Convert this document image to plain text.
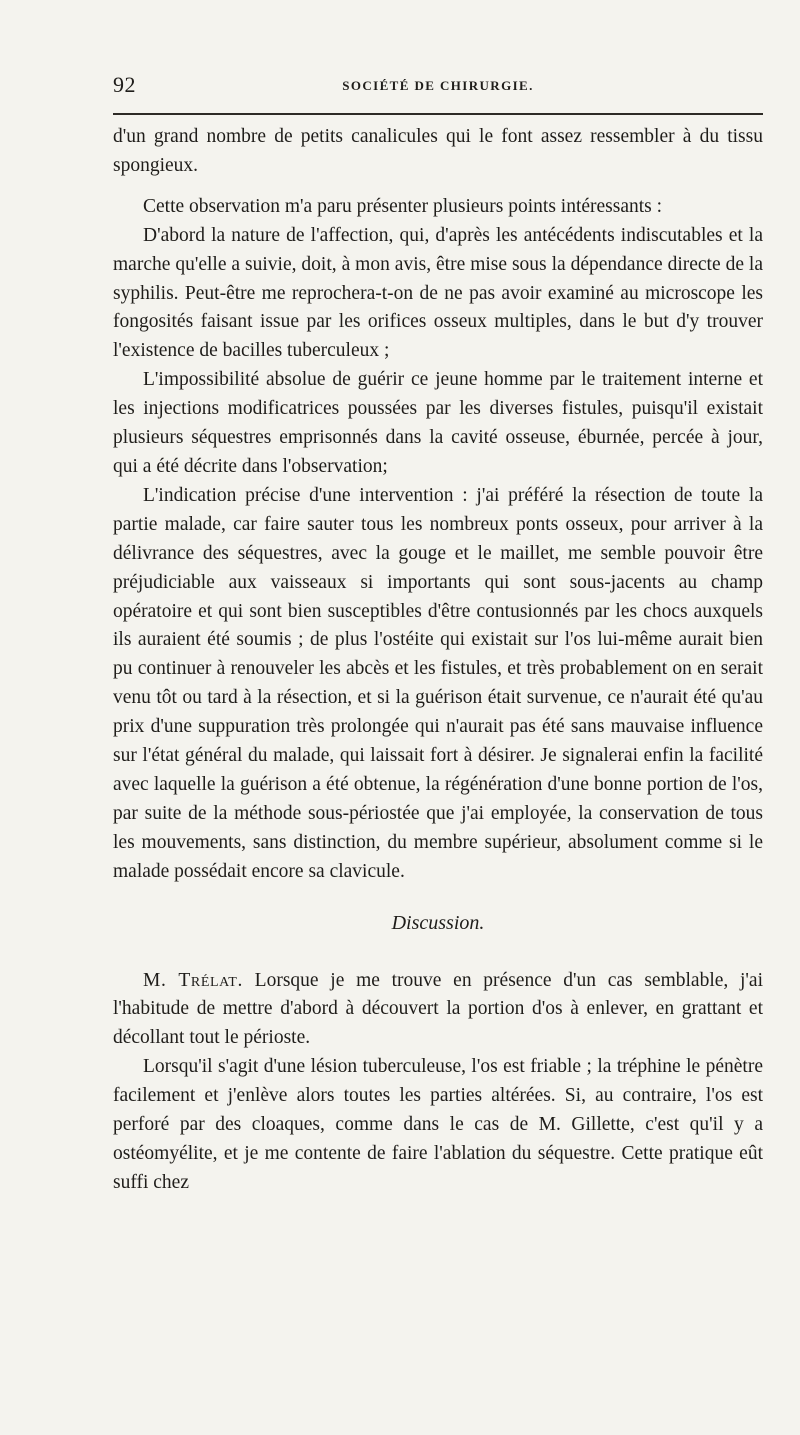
92	SOCIÉTÉ DE CHIRURGIE.

d'un grand nombre de petits canalicules qui le font assez ressembler à du tissu spongieux.

Cette observation m'a paru présenter plusieurs points intéressants :

D'abord la nature de l'affection, qui, d'après les antécédents indiscutables et la marche qu'elle a suivie, doit, à mon avis, être mise sous la dépendance directe de la syphilis. Peut-être me reprochera-t-on de ne pas avoir examiné au microscope les fongosités faisant issue par les orifices osseux multiples, dans le but d'y trouver l'existence de bacilles tuberculeux ;

L'impossibilité absolue de guérir ce jeune homme par le traitement interne et les injections modificatrices poussées par les diverses fistules, puisqu'il existait plusieurs séquestres emprisonnés dans la cavité osseuse, éburnée, percée à jour, qui a été décrite dans l'observation;

L'indication précise d'une intervention : j'ai préféré la résection de toute la partie malade, car faire sauter tous les nombreux ponts osseux, pour arriver à la délivrance des séquestres, avec la gouge et le maillet, me semble pouvoir être préjudiciable aux vaisseaux si importants qui sont sous-jacents au champ opératoire et qui sont bien susceptibles d'être contusionnés par les chocs auxquels ils auraient été soumis ; de plus l'ostéite qui existait sur l'os lui-même aurait bien pu continuer à renouveler les abcès et les fistules, et très probablement on en serait venu tôt ou tard à la résection, et si la guérison était survenue, ce n'aurait été qu'au prix d'une suppuration très prolongée qui n'aurait pas été sans mauvaise influence sur l'état général du malade, qui laissait fort à désirer. Je signalerai enfin la facilité avec laquelle la guérison a été obtenue, la régénération d'une bonne portion de l'os, par suite de la méthode sous-périostée que j'ai employée, la conservation de tous les mouvements, sans distinction, du membre supérieur, absolument comme si le malade possédait encore sa clavicule.

Discussion.

M. Trélat. Lorsque je me trouve en présence d'un cas semblable, j'ai l'habitude de mettre d'abord à découvert la portion d'os à enlever, en grattant et décollant tout le périoste.

Lorsqu'il s'agit d'une lésion tuberculeuse, l'os est friable ; la tréphine le pénètre facilement et j'enlève alors toutes les parties altérées. Si, au contraire, l'os est perforé par des cloaques, comme dans le cas de M. Gillette, c'est qu'il y a ostéomyélite, et je me contente de faire l'ablation du séquestre. Cette pratique eût suffi chez
